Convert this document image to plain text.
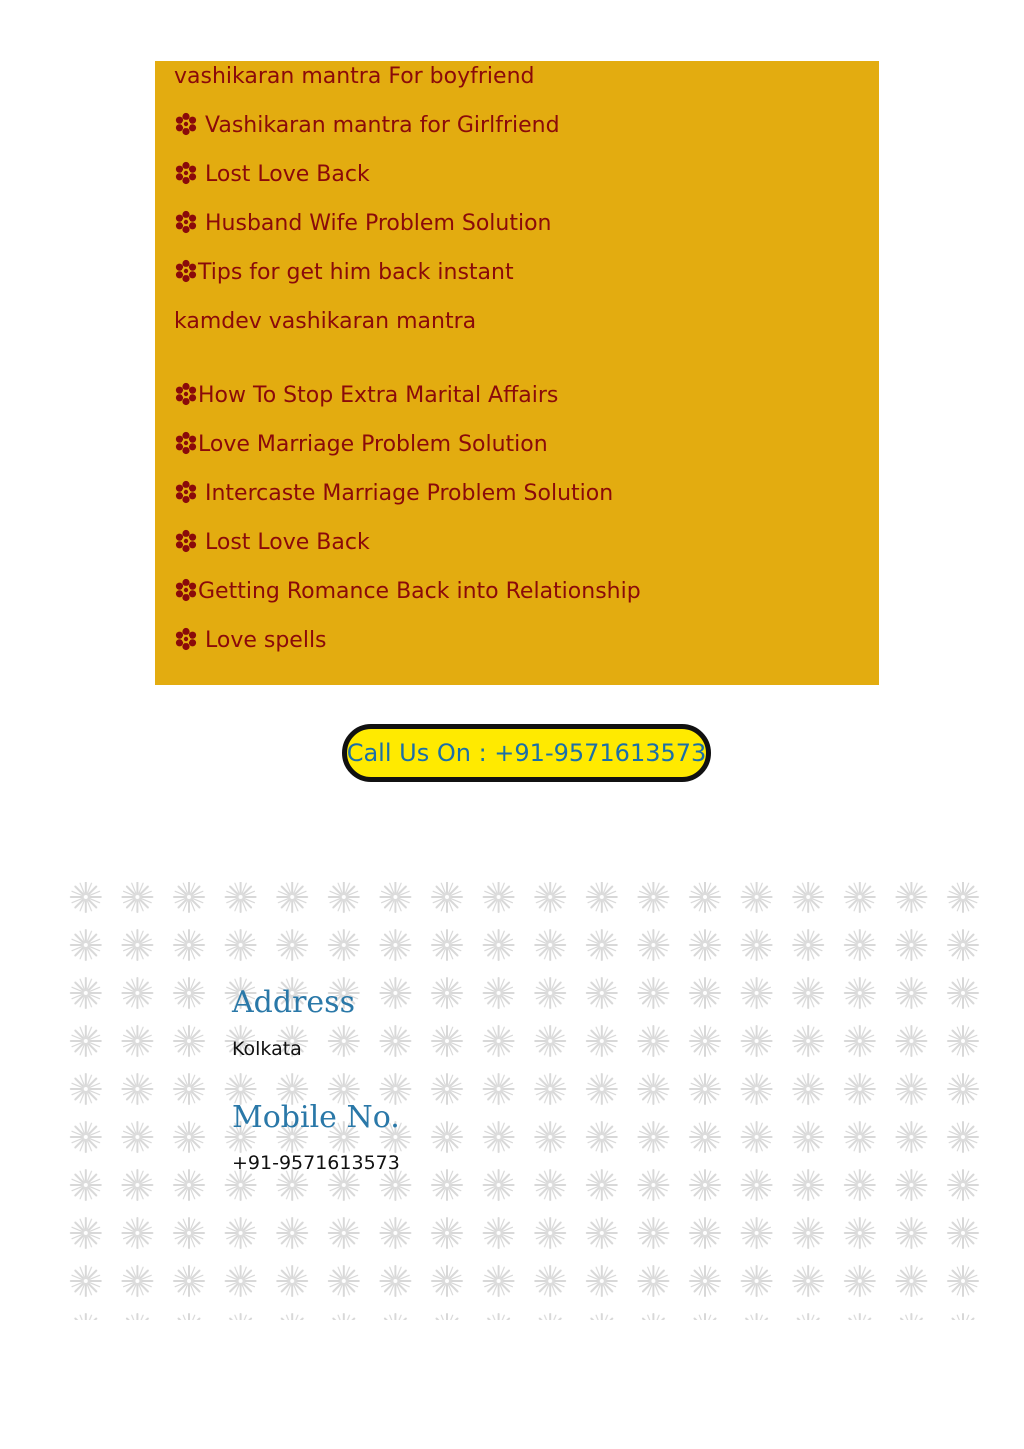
vashikaran mantra For boyfriend
Vashikaran mantra for Girlfriend
Lost Love Back
Husband Wife Problem Solution
Tips for get him back instant
kamdev vashikaran mantra
How To Stop Extra Marital Affairs
Love Marriage Problem Solution
Intercaste Marriage Problem Solution
Lost Love Back
Getting Romance Back into Relationship
Love spells
Call Us On : +91-9571613573
Address
Kolkata
Mobile No.
+91-9571613573
